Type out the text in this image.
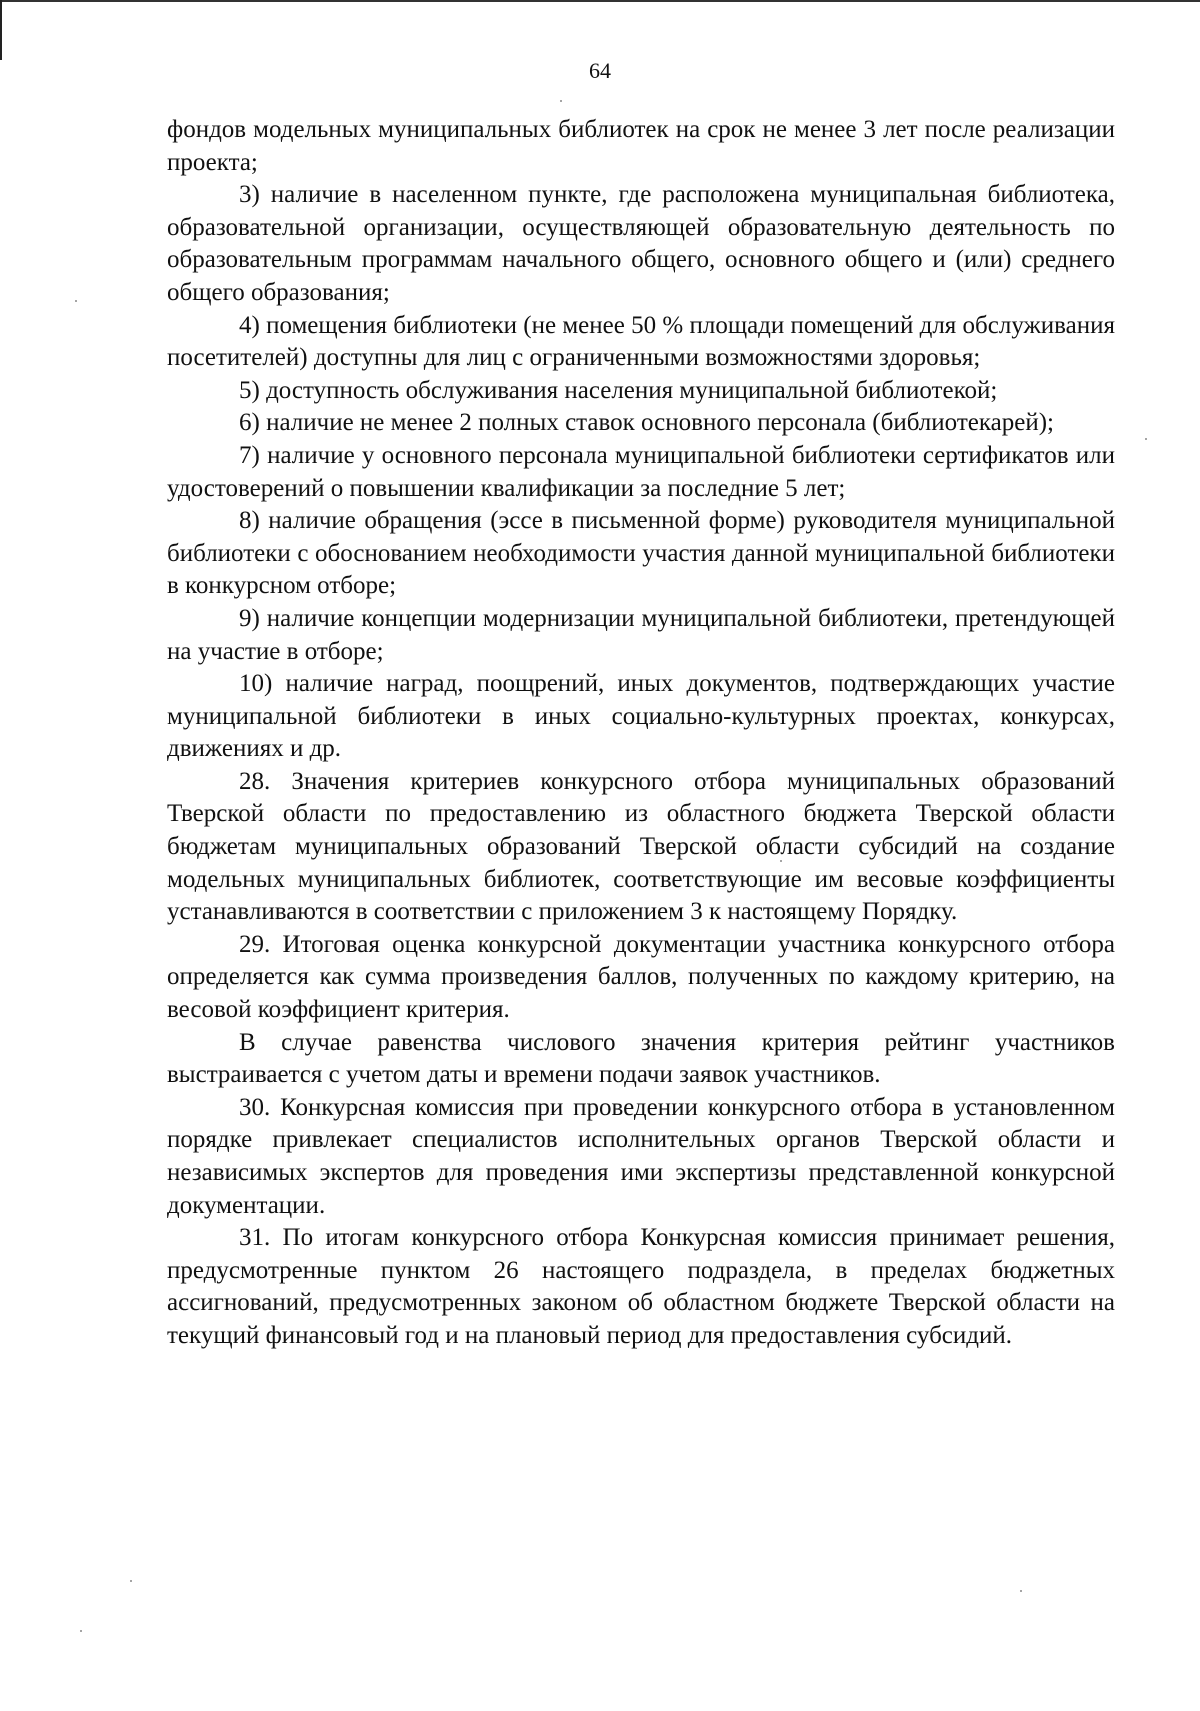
64

фондов модельных муниципальных библиотек на срок не менее 3 лет после реализации проекта;

3) наличие в населенном пункте, где расположена муниципальная библиотека, образовательной организации, осуществляющей образовательную деятельность по образовательным программам начального общего, основного общего и (или) среднего общего образования;

4) помещения библиотеки (не менее 50 % площади помещений для обслуживания посетителей) доступны для лиц с ограниченными возможностями здоровья;

5) доступность обслуживания населения муниципальной библиотекой;

6) наличие не менее 2 полных ставок основного персонала (библиотекарей);

7) наличие у основного персонала муниципальной библиотеки сертификатов или удостоверений о повышении квалификации за последние 5 лет;

8) наличие обращения (эссе в письменной форме) руководителя муниципальной библиотеки с обоснованием необходимости участия данной муниципальной библиотеки в конкурсном отборе;

9) наличие концепции модернизации муниципальной библиотеки, претендующей на участие в отборе;

10) наличие наград, поощрений, иных документов, подтверждающих участие муниципальной библиотеки в иных социально-культурных проектах, конкурсах, движениях и др.

28. Значения критериев конкурсного отбора муниципальных образований Тверской области по предоставлению из областного бюджета Тверской области бюджетам муниципальных образований Тверской области субсидий на создание модельных муниципальных библиотек, соответствующие им весовые коэффициенты устанавливаются в соответствии с приложением 3 к настоящему Порядку.

29. Итоговая оценка конкурсной документации участника конкурсного отбора определяется как сумма произведения баллов, полученных по каждому критерию, на весовой коэффициент критерия.

В случае равенства числового значения критерия рейтинг участников выстраивается с учетом даты и времени подачи заявок участников.

30. Конкурсная комиссия при проведении конкурсного отбора в установленном порядке привлекает специалистов исполнительных органов Тверской области и независимых экспертов для проведения ими экспертизы представленной конкурсной документации.

31. По итогам конкурсного отбора Конкурсная комиссия принимает решения, предусмотренные пунктом 26 настоящего подраздела, в пределах бюджетных ассигнований, предусмотренных законом об областном бюджете Тверской области на текущий финансовый год и на плановый период для предоставления субсидий.
